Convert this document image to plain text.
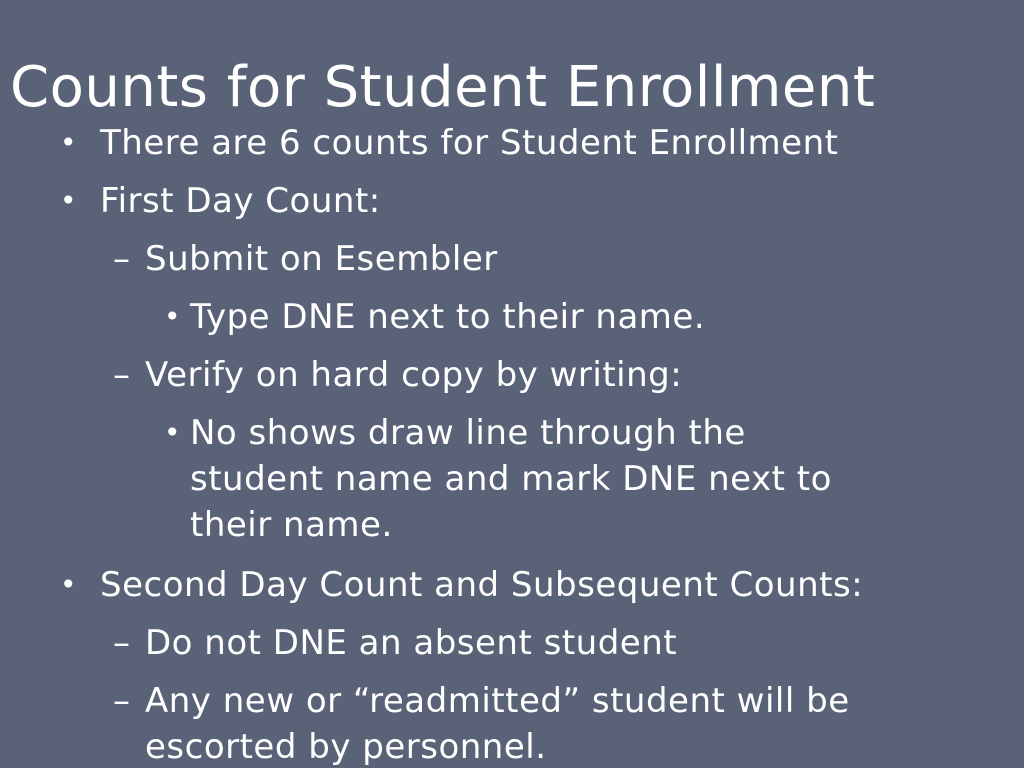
Counts for Student Enrollment
• There are 6 counts for Student Enrollment
• First Day Count:
– Submit on Esembler
• Type DNE next to their name.
– Verify on hard copy by writing:
• No shows draw line through the
student name and mark DNE next to
their name.
• Second Day Count and Subsequent Counts:
– Do not DNE an absent student
– Any new or “readmitted” student will be
escorted by personnel.
